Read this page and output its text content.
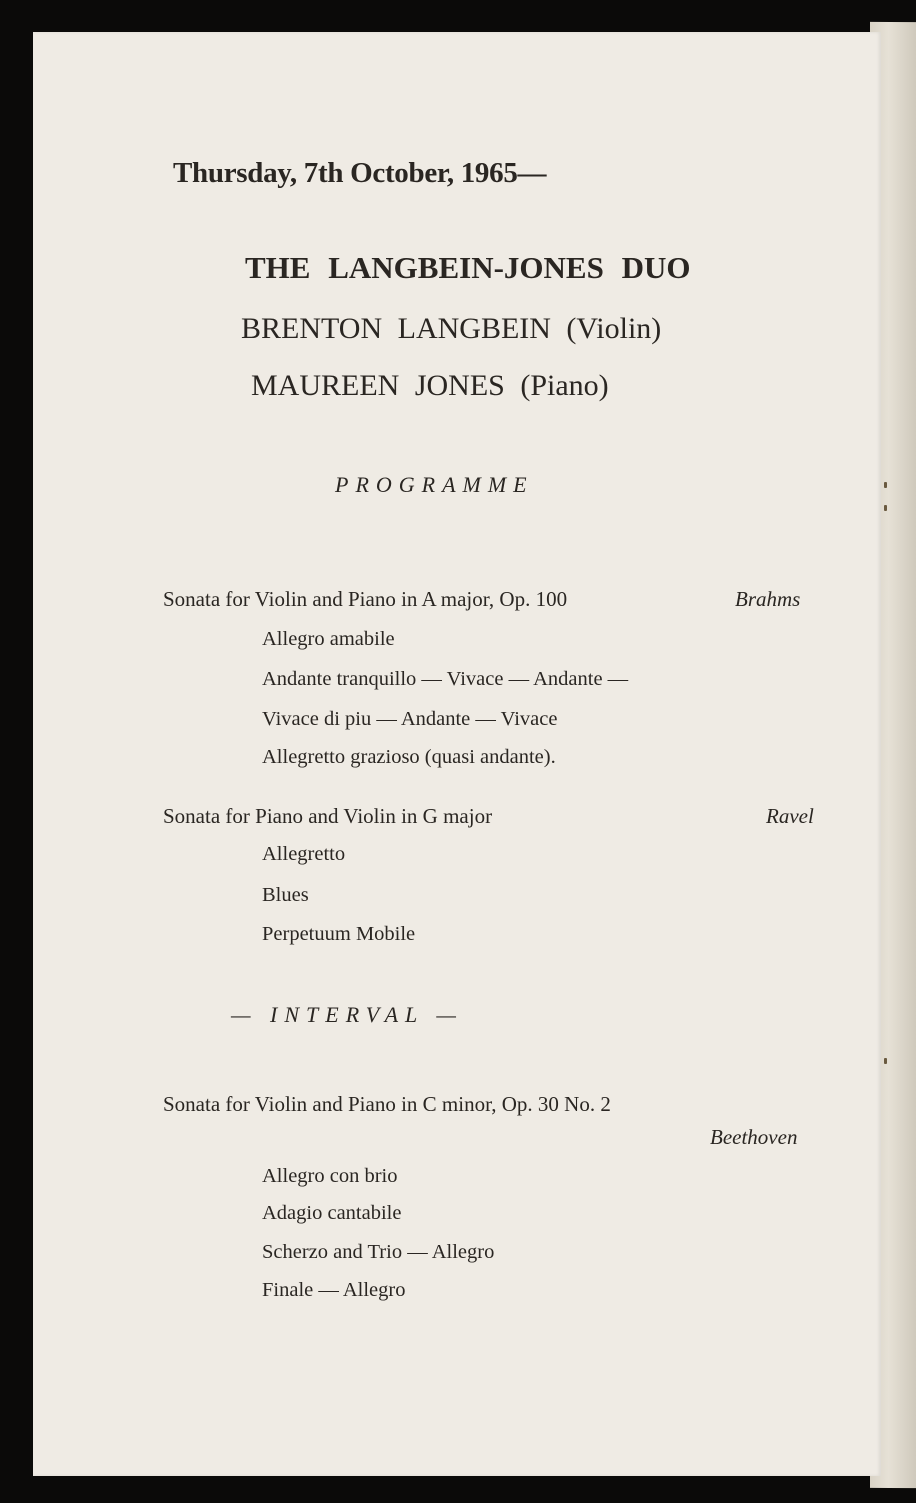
Thursday, 7th October, 1965—
THE LANGBEIN-JONES DUO
BRENTON LANGBEIN (Violin)
MAUREEN JONES (Piano)
PROGRAMME
Sonata for Violin and Piano in A major, Op. 100	Brahms
Allegro amabile
Andante tranquillo — Vivace — Andante —
Vivace di piu — Andante — Vivace
Allegretto grazioso (quasi andante).
Sonata for Piano and Violin in G major	Ravel
Allegretto
Blues
Perpetuum Mobile
— INTERVAL —
Sonata for Violin and Piano in C minor, Op. 30 No. 2
Beethoven
Allegro con brio
Adagio cantabile
Scherzo and Trio — Allegro
Finale — Allegro
